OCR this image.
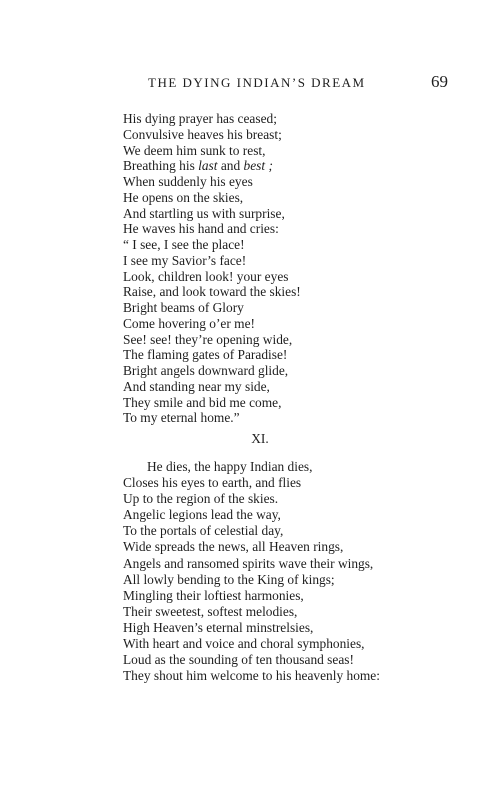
THE DYING INDIAN’S DREAM	69
His dying prayer has ceased;
Convulsive heaves his breast;
We deem him sunk to rest,
Breathing his last and best ;
When suddenly his eyes
He opens on the skies,
And startling us with surprise,
He waves his hand and cries:
“ I see, I see the place!
I see my Savior’s face!
Look, children look! your eyes
Raise, and look toward the skies!
Bright beams of Glory
Come hovering o’er me!
See! see! they’re opening wide,
The flaming gates of Paradise!
Bright angels downward glide,
And standing near my side,
They smile and bid me come,
To my eternal home.”
XI.
He dies, the happy Indian dies,
Closes his eyes to earth, and flies
Up to the region of the skies.
Angelic legions lead the way,
To the portals of celestial day,
Wide spreads the news, all Heaven rings,
Angels and ransomed spirits wave their wings,
All lowly bending to the King of kings;
Mingling their loftiest harmonies,
Their sweetest, softest melodies,
High Heaven’s eternal minstrelsies,
With heart and voice and choral symphonies,
Loud as the sounding of ten thousand seas!
They shout him welcome to his heavenly home:
